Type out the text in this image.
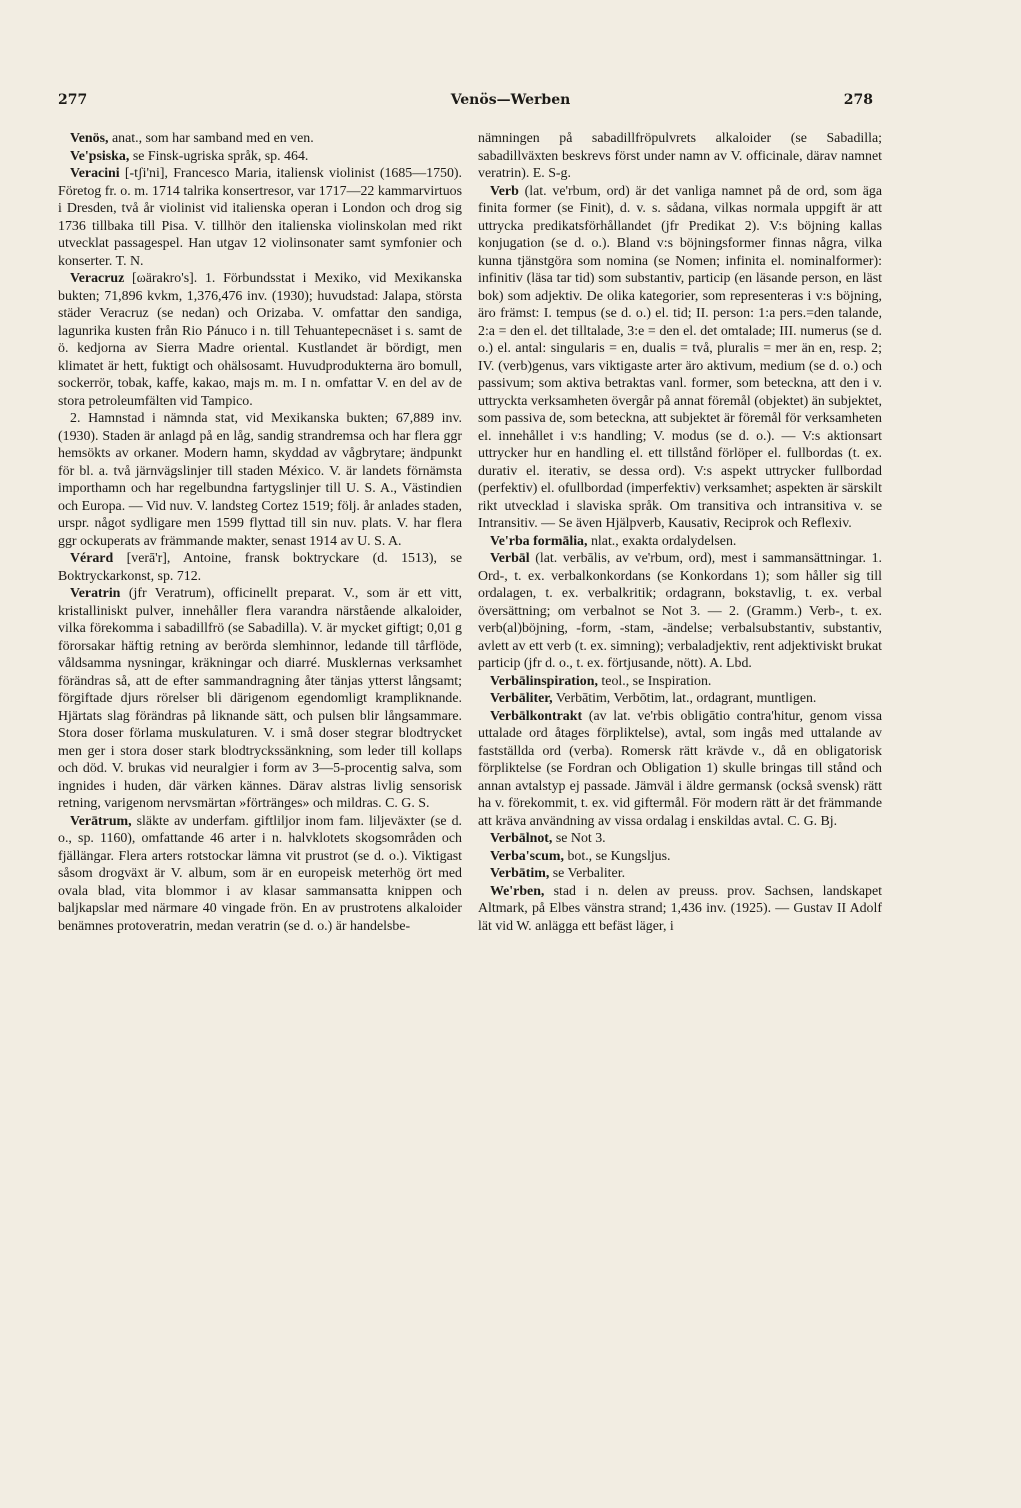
277	Venös—Werben	278

Venös, anat., som har samband med en ven.

Ve'psiska, se Finsk-ugriska språk, sp. 464.

Veracini [-tʃi'ni], Francesco Maria, italiensk violinist (1685—1750). Företog fr. o. m. 1714 talrika konsertresor, var 1717—22 kammarvirtuos i Dresden, två år violinist vid italienska operan i London och drog sig 1736 tillbaka till Pisa. V. tillhör den italienska violinskolan med rikt utvecklat passagespel. Han utgav 12 violinsonater samt symfonier och konserter. T. N.

Veracruz [ωärakro's]. 1. Förbundsstat i Mexiko, vid Mexikanska bukten; 71,896 kvkm, 1,376,476 inv. (1930); huvudstad: Jalapa, största städer Veracruz (se nedan) och Orizaba. V. omfattar den sandiga, lagunrika kusten från Rio Pánuco i n. till Tehuantepecnäset i s. samt de ö. kedjorna av Sierra Madre oriental. Kustlandet är bördigt, men klimatet är hett, fuktigt och ohälsosamt. Huvudprodukterna äro bomull, sockerrör, tobak, kaffe, kakao, majs m. m. I n. omfattar V. en del av de stora petroleumfälten vid Tampico.

2. Hamnstad i nämnda stat, vid Mexikanska bukten; 67,889 inv. (1930). Staden är anlagd på en låg, sandig strandremsa och har flera ggr hemsökts av orkaner. Modern hamn, skyddad av vågbrytare; ändpunkt för bl. a. två järnvägslinjer till staden México. V. är landets förnämsta importhamn och har regelbundna fartygslinjer till U. S. A., Västindien och Europa. — Vid nuv. V. landsteg Cortez 1519; följ. år anlades staden, urspr. något sydligare men 1599 flyttad till sin nuv. plats. V. har flera ggr ockuperats av främmande makter, senast 1914 av U. S. A.

Vérard [verā'r], Antoine, fransk boktryckare (d. 1513), se Boktryckarkonst, sp. 712.

Veratrin (jfr Veratrum), officinellt preparat. V., som är ett vitt, kristalliniskt pulver, innehåller flera varandra närstående alkaloider, vilka förekomma i sabadillfrö (se Sabadilla). V. är mycket giftigt; 0,01 g förorsakar häftig retning av berörda slemhinnor, ledande till tårflöde, våldsamma nysningar, kräkningar och diarré. Musklernas verksamhet förändras så, att de efter sammandragning åter tänjas ytterst långsamt; förgiftade djurs rörelser bli därigenom egendomligt krampliknande. Hjärtats slag förändras på liknande sätt, och pulsen blir långsammare. Stora doser förlama muskulaturen. V. i små doser stegrar blodtrycket men ger i stora doser stark blodtryckssänkning, som leder till kollaps och död. V. brukas vid neuralgier i form av 3—5-procentig salva, som ingnides i huden, där värken kännes. Därav alstras livlig sensorisk retning, varigenom nervsmärtan »förtränges» och mildras. C. G. S.

Verātrum, släkte av underfam. giftliljor inom fam. liljeväxter (se d. o., sp. 1160), omfattande 46 arter i n. halvklotets skogsområden och fjällängar. Flera arters rotstockar lämna vit prustrot (se d. o.). Viktigast såsom drogväxt är V. album, som är en europeisk meterhög ört med ovala blad, vita blommor i av klasar sammansatta knippen och baljkapslar med närmare 40 vingade frön. En av prustrotens alkaloider benämnes protoveratrin, medan veratrin (se d. o.) är handelsbe-

nämningen på sabadillfröpulvrets alkaloider (se Sabadilla; sabadillväxten beskrevs först under namn av V. officinale, därav namnet veratrin). E. S-g.

Verb (lat. ve'rbum, ord) är det vanliga namnet på de ord, som äga finita former (se Finit), d. v. s. sådana, vilkas normala uppgift är att uttrycka predikatsförhållandet (jfr Predikat 2). V:s böjning kallas konjugation (se d. o.). Bland v:s böjningsformer finnas några, vilka kunna tjänstgöra som nomina (se Nomen; infinita el. nominalformer): infinitiv (läsa tar tid) som substantiv, particip (en läsande person, en läst bok) som adjektiv. De olika kategorier, som representeras i v:s böjning, äro främst: I. tempus (se d. o.) el. tid; II. person: 1:a pers.=den talande, 2:a = den el. det tilltalade, 3:e = den el. det omtalade; III. numerus (se d. o.) el. antal: singularis = en, dualis = två, pluralis = mer än en, resp. 2; IV. (verb)genus, vars viktigaste arter äro aktivum, medium (se d. o.) och passivum; som aktiva betraktas vanl. former, som beteckna, att den i v. uttryckta verksamheten övergår på annat föremål (objektet) än subjektet, som passiva de, som beteckna, att subjektet är föremål för verksamheten el. innehållet i v:s handling; V. modus (se d. o.). — V:s aktionsart uttrycker hur en handling el. ett tillstånd förlöper el. fullbordas (t. ex. durativ el. iterativ, se dessa ord). V:s aspekt uttrycker fullbordad (perfektiv) el. ofullbordad (imperfektiv) verksamhet; aspekten är särskilt rikt utvecklad i slaviska språk. Om transitiva och intransitiva v. se Intransitiv. — Se även Hjälpverb, Kausativ, Reciprok och Reflexiv.

Ve'rba formālia, nlat., exakta ordalydelsen.

Verbāl (lat. verbālis, av ve'rbum, ord), mest i sammansättningar. 1. Ord-, t. ex. verbalkonkordans (se Konkordans 1); som håller sig till ordalagen, t. ex. verbalkritik; ordagrann, bokstavlig, t. ex. verbal översättning; om verbalnot se Not 3. — 2. (Gramm.) Verb-, t. ex. verb(al)böjning, -form, -stam, -ändelse; verbalsubstantiv, substantiv, avlett av ett verb (t. ex. simning); verbaladjektiv, rent adjektiviskt brukat particip (jfr d. o., t. ex. förtjusande, nött). A. Lbd.

Verbālinspiration, teol., se Inspiration.

Verbāliter, Verbātim, Verbōtim, lat., ordagrant, muntligen.

Verbālkontrakt (av lat. ve'rbis obligātio contra'hitur, genom vissa uttalade ord åtages förpliktelse), avtal, som ingås med uttalande av fastställda ord (verba). Romersk rätt krävde v., då en obligatorisk förpliktelse (se Fordran och Obligation 1) skulle bringas till stånd och annan avtalstyp ej passade. Jämväl i äldre germansk (också svensk) rätt ha v. förekommit, t. ex. vid giftermål. För modern rätt är det främmande att kräva användning av vissa ordalag i enskildas avtal. C. G. Bj.

Verbālnot, se Not 3.

Verba'scum, bot., se Kungsljus.

Verbātim, se Verbaliter.

We'rben, stad i n. delen av preuss. prov. Sachsen, landskapet Altmark, på Elbes vänstra strand; 1,436 inv. (1925). — Gustav II Adolf lät vid W. anlägga ett befäst läger, i
